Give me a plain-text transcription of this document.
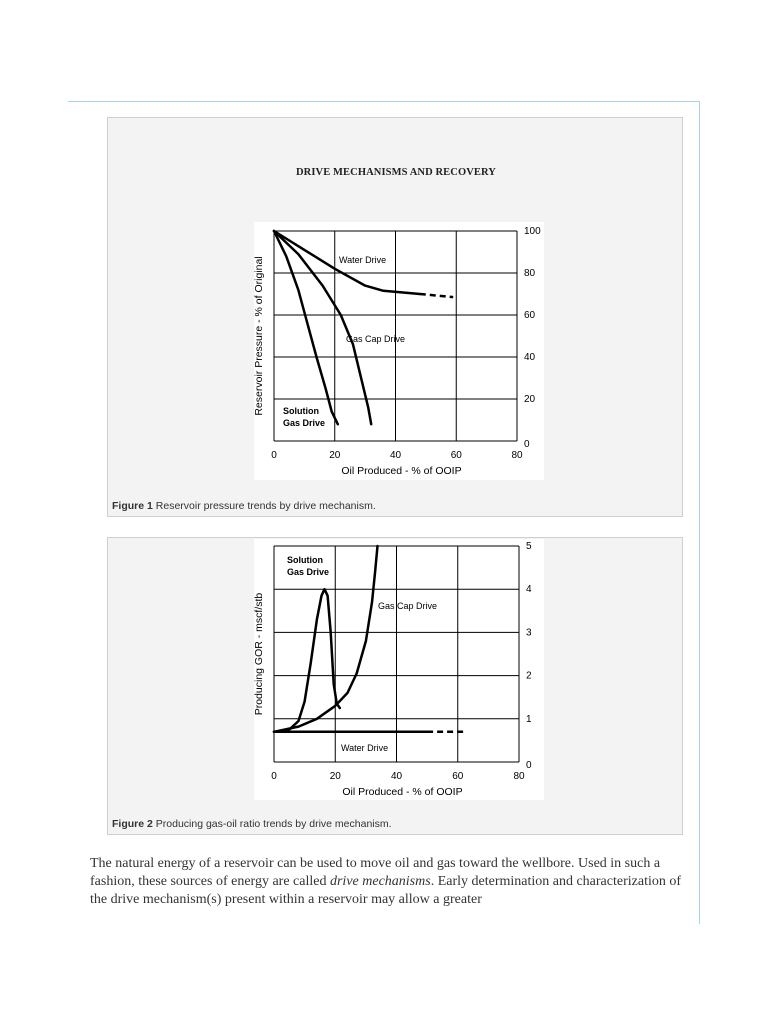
0	20	40	60	80
0
20
40
60
80
100
Oil Produced - % of OOIP
Reservoir Pressure - % of Original	Water Drive
Gas Cap Drive
Solution
Gas Drive
DRIVE MECHANISMS AND RECOVERY
Figure 1 Reservoir pressure trends by drive mechanism.
0	20	40	60	80
0
1
2
3
4
5
Oil Produced - % of OOIP
Producing GOR - mscf/stb
Solution
Gas Drive
Gas Cap Drive
Water Drive
Figure 2 Producing gas-oil ratio trends by drive mechanism.
The natural energy of a reservoir can be used to move oil and gas toward the wellbore. Used in such a fashion, these sources of energy are called drive mechanisms. Early determination and characterization of the drive mechanism(s) present within a reservoir may allow a greater
